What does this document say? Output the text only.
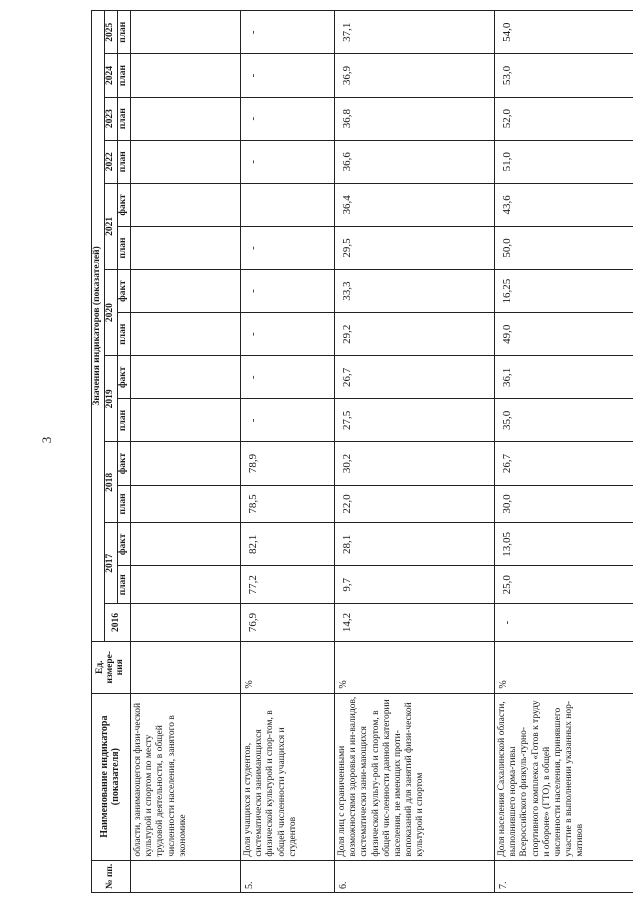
3
№ пп.	Наименование индикатора (показателя)	Ед. измере-ния	Значения индикаторов (показателей)														
			2016	2017		2018		2019		2020		2021		2022	2023	2024	2025
				план	факт	план	факт	план	факт	план	факт	план	факт	план	план	план	план
	области, занимающегося физи-ческой культурой и спортом по месту трудовой деятельности, в общей численности населения, занятого в экономике																
5.	Доля учащихся и студентов, систематически занимающихся физической культурой и спор-том, в общей численности учащихся и студентов	%	76,9	77,2	82,1	78,5	78,9	-	-	-	-	-		-	-	-	-
6.	Доля лиц с ограниченными возможностями здоровья и ин-валидов, систематически зани-мающихся физической культу-рой и спортом, в общей чис-ленности данной категории населения, не имеющих проти-вопоказаний для занятий физи-ческой культурой и спортом	%	14,2	9,7	28,1	22,0	30,2	27,5	26,7	29,2	33,3	29,5	36,4	36,6	36,8	36,9	37,1
7.	Доля населения Сахалинской области, выполнившего норма-тивы Всероссийского физкуль-турно-спортивного комплекса «Готов к труду и обороне» (ГТО), в общей численности населения, принявшего участие в выполнении указанных нор-мативов	%	-	25,0	13,05	30,0	26,7	35,0	36,1	49,0	16,25	50,0	43,6	51,0	52,0	53,0	54,0
